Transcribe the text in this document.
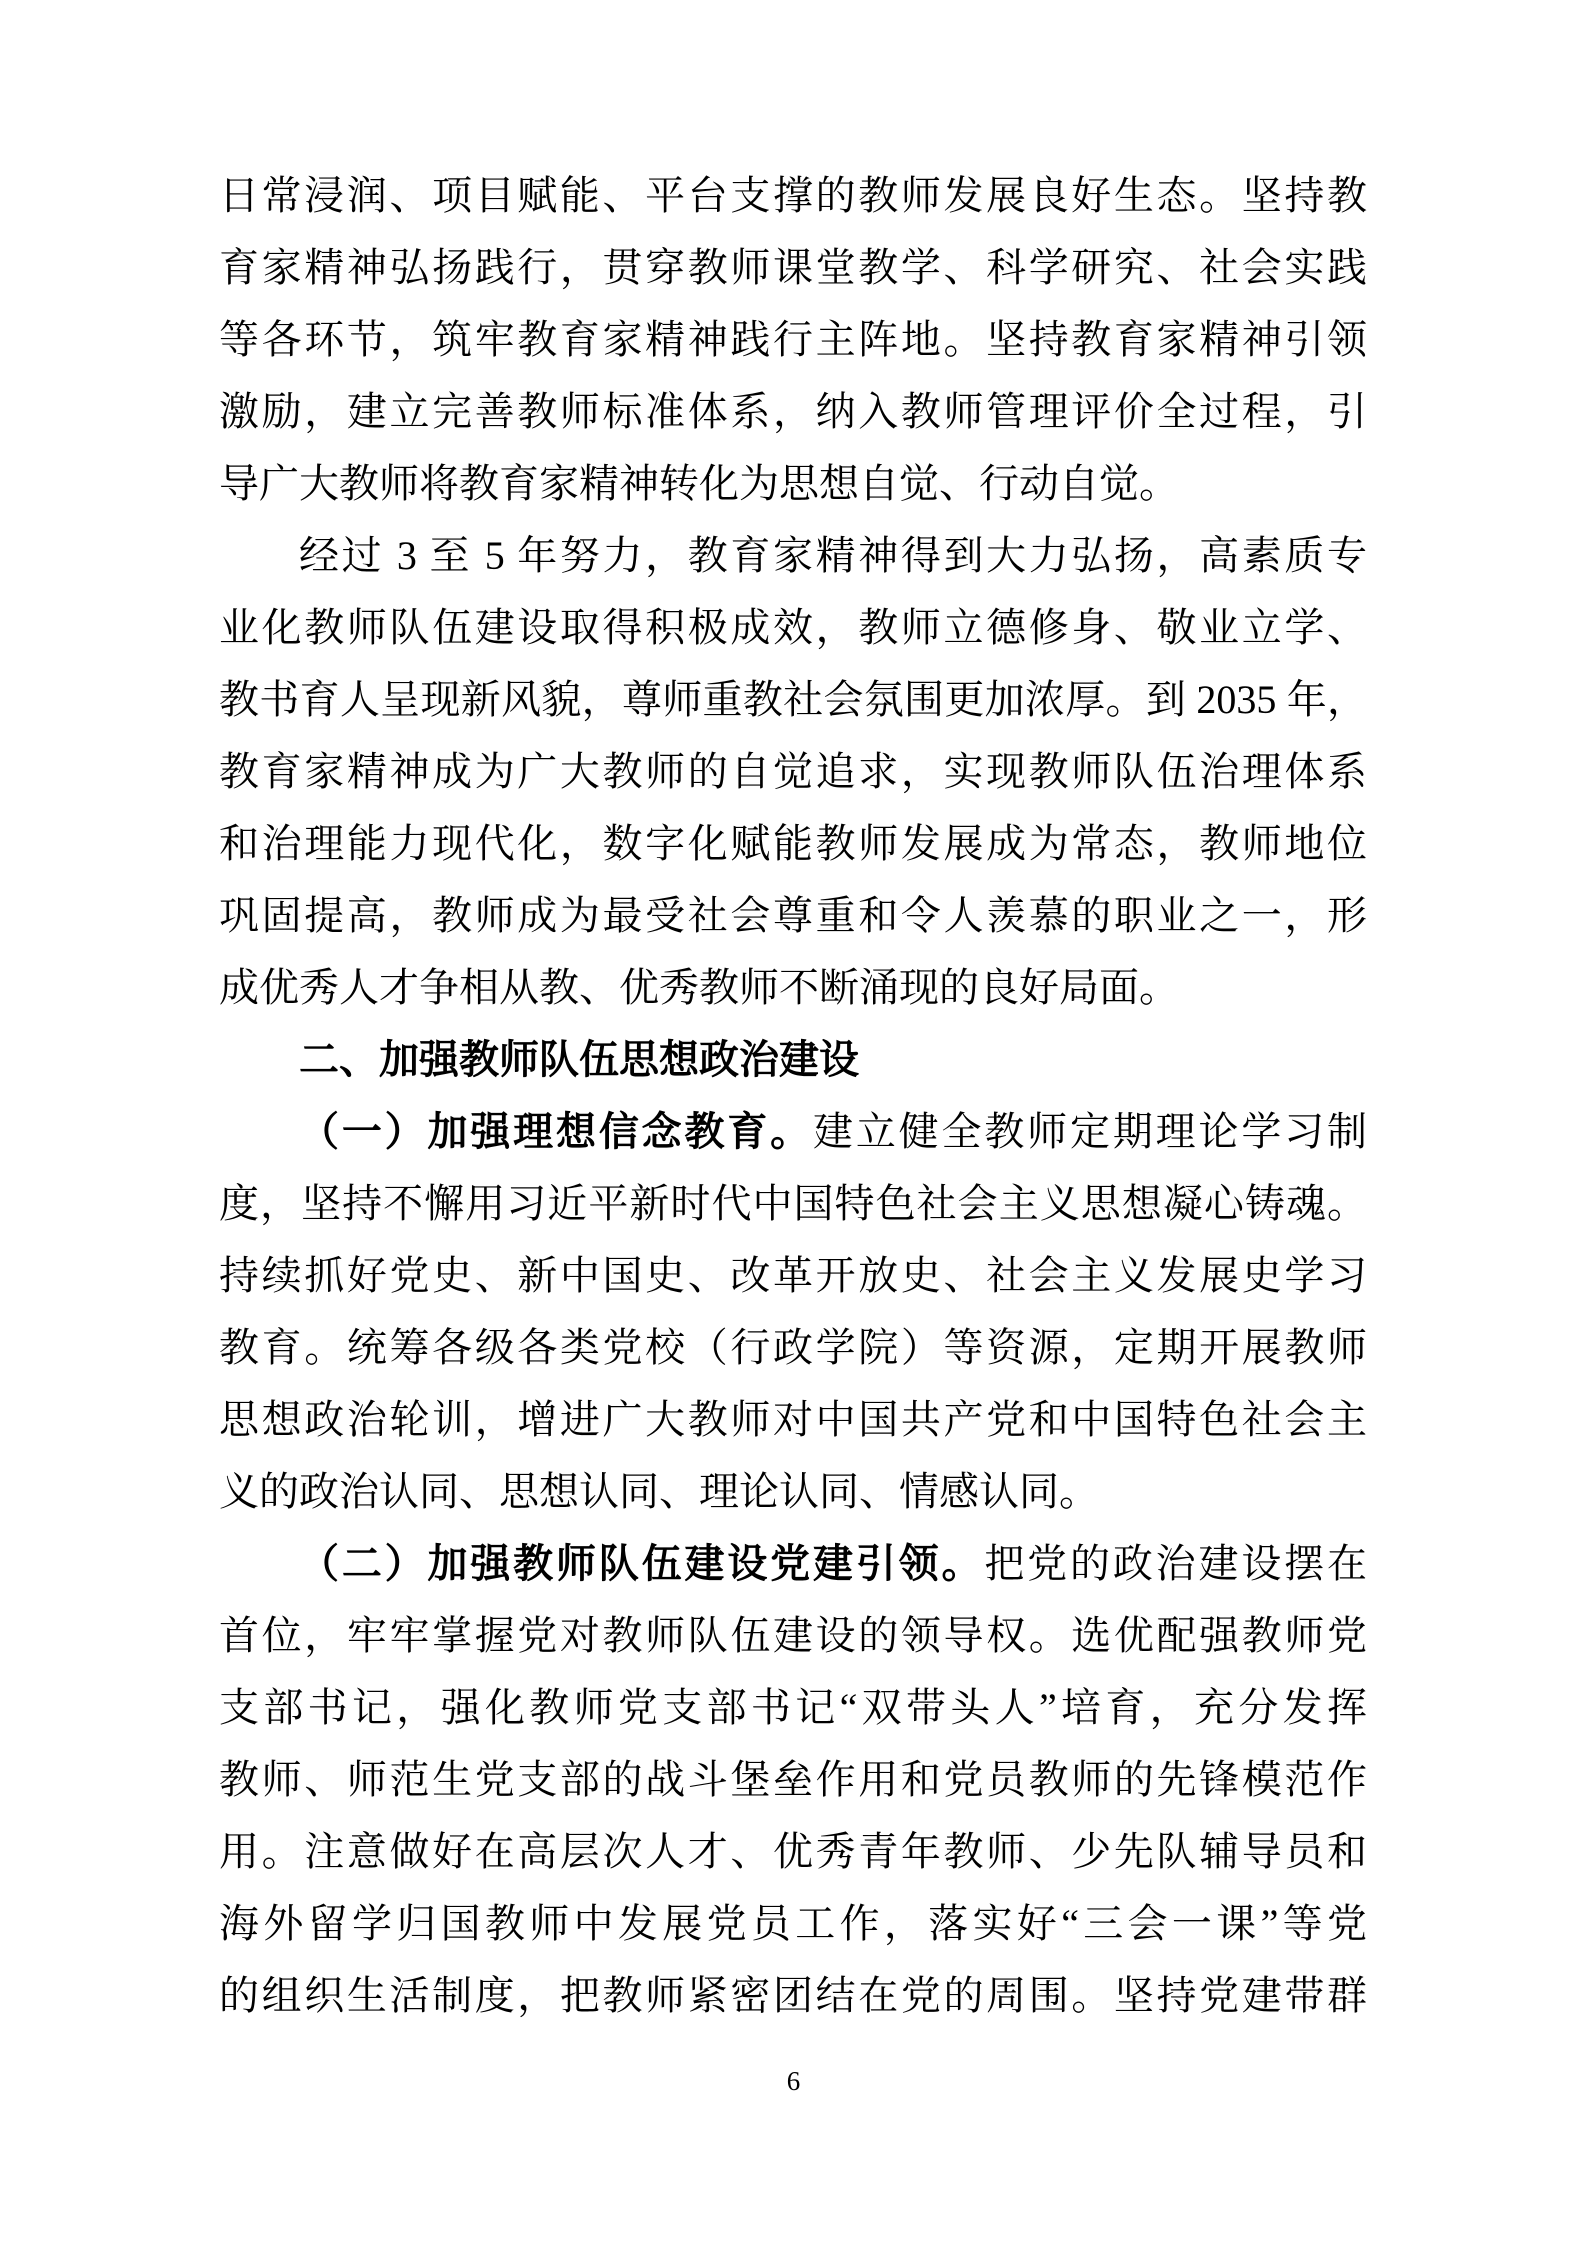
日常浸润、项目赋能、平台支撑的教师发展良好生态。坚持教
育家精神弘扬践行，贯穿教师课堂教学、科学研究、社会实践
等各环节，筑牢教育家精神践行主阵地。坚持教育家精神引领
激励，建立完善教师标准体系，纳入教师管理评价全过程，引
导广大教师将教育家精神转化为思想自觉、行动自觉。
经过 3 至 5 年努力，教育家精神得到大力弘扬，高素质专
业化教师队伍建设取得积极成效，教师立德修身、敬业立学、
教书育人呈现新风貌，尊师重教社会氛围更加浓厚。到 2035 年，
教育家精神成为广大教师的自觉追求，实现教师队伍治理体系
和治理能力现代化，数字化赋能教师发展成为常态，教师地位
巩固提高，教师成为最受社会尊重和令人羡慕的职业之一，形
成优秀人才争相从教、优秀教师不断涌现的良好局面。
二、加强教师队伍思想政治建设
（一）加强理想信念教育。建立健全教师定期理论学习制
度，坚持不懈用习近平新时代中国特色社会主义思想凝心铸魂。
持续抓好党史、新中国史、改革开放史、社会主义发展史学习
教育。统筹各级各类党校（行政学院）等资源，定期开展教师
思想政治轮训，增进广大教师对中国共产党和中国特色社会主
义的政治认同、思想认同、理论认同、情感认同。
（二）加强教师队伍建设党建引领。把党的政治建设摆在
首位，牢牢掌握党对教师队伍建设的领导权。选优配强教师党
支部书记，强化教师党支部书记“双带头人”培育，充分发挥
教师、师范生党支部的战斗堡垒作用和党员教师的先锋模范作
用。注意做好在高层次人才、优秀青年教师、少先队辅导员和
海外留学归国教师中发展党员工作，落实好“三会一课”等党
的组织生活制度，把教师紧密团结在党的周围。坚持党建带群
6
